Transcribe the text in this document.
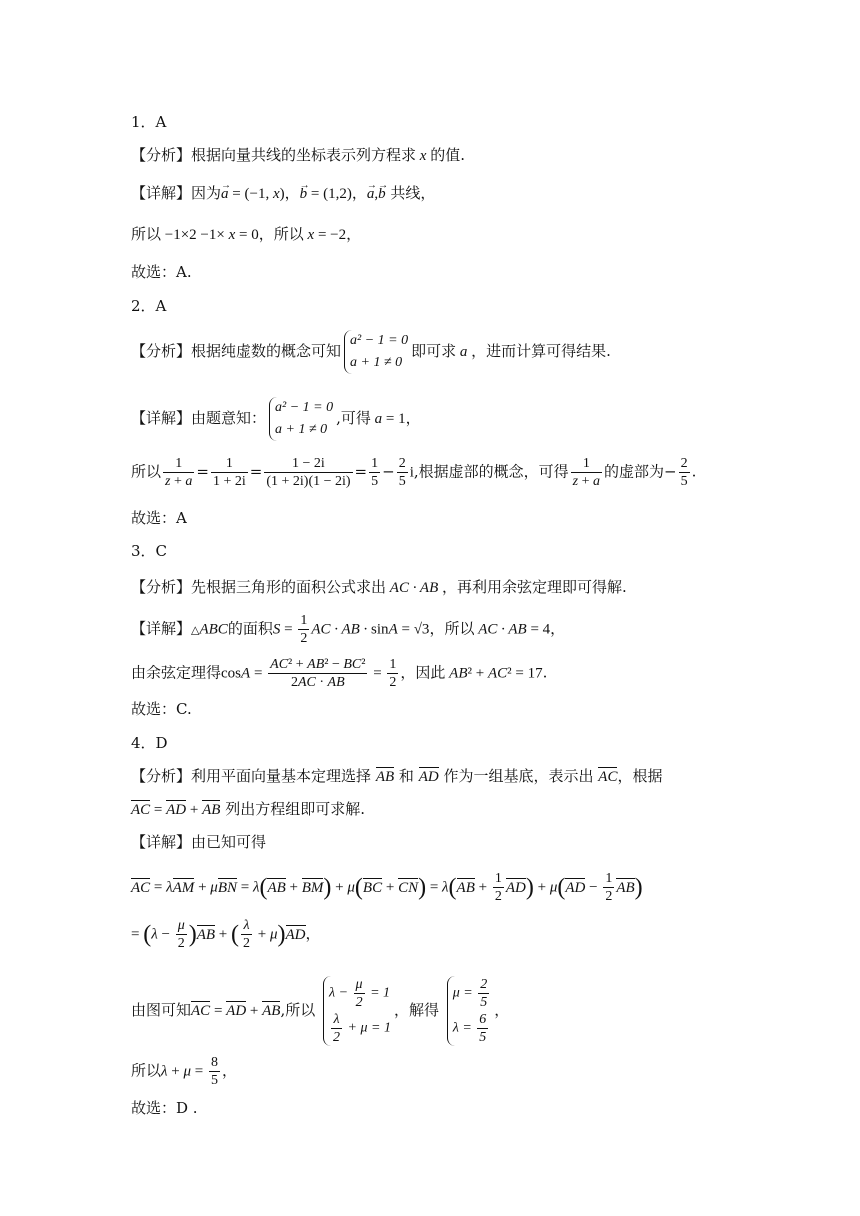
1．A
【分析】根据向量共线的坐标表示列方程求 x 的值.
【详解】因为→ a = (−1, x)，→ b = (1,2)，→ a,→ b 共线，
所以 −1×2 −1× x = 0，所以 x = −2，
故选：A.
2．A
【分析】根据纯虚数的概念可知
a² − 1 = 0
a + 1 ≠ 0
即可求 a ，进而计算可得结果.
【详解】由题意知：
a² − 1 = 0
a + 1 ≠ 0
,可得 a = 1，
所以 $\frac{1}{z + a} = \frac{1}{1 + 2i} = \frac{1 - 2i}{(1 + 2i)(1 - 2i)} = \frac{1}{5} - \frac{2}{5} i$,根据虚部的概念，可得 $\frac{1}{z + a}$ 的虚部为− $\frac{2}{5}$ .
故选：A
3．C
【分析】先根据三角形的面积公式求出 AC · AB ，再利用余弦定理即可得解.
【详解】△ABC的面积$S = \frac{1}{2}$ AC · AB · sinA = √3，所以 AC · AB = 4，
由余弦定理得$\cos A = \frac{\text{AC² + AB² − BC²}}{2AC \cdot AB} = \frac{1}{2}$ ，因此 AB² + AC² = 17.
故选：C.
4．D
【分析】利用平面向量基本定理选择 AB 和 AD 作为一组基底，表示出 AC，根据
AC = AD + AB 列出方程组即可求解.
【详解】由已知可得
AC = $\lambda AM + \mu BN = \lambda(AB + BM) + \mu(BC + CN) = \lambda(AB + \frac{1}{2} AD) + \mu(AD - \frac{1}{2} AB)$
= $(\lambda - \frac{\mu}{2} )AB$ + ( $\frac{\lambda}{2} + \mu)AD$，
由图可知AC = AD + AB,所以
$\lambda - \frac{\mu}{2} = 1$
$\frac{\lambda}{2} + \mu = 1$
，解得
$\mu = \frac{2}{5}$
$\lambda = \frac{6}{5}$
，
所以$\lambda + \mu = \frac{8}{5}$ ，
故选：D .
